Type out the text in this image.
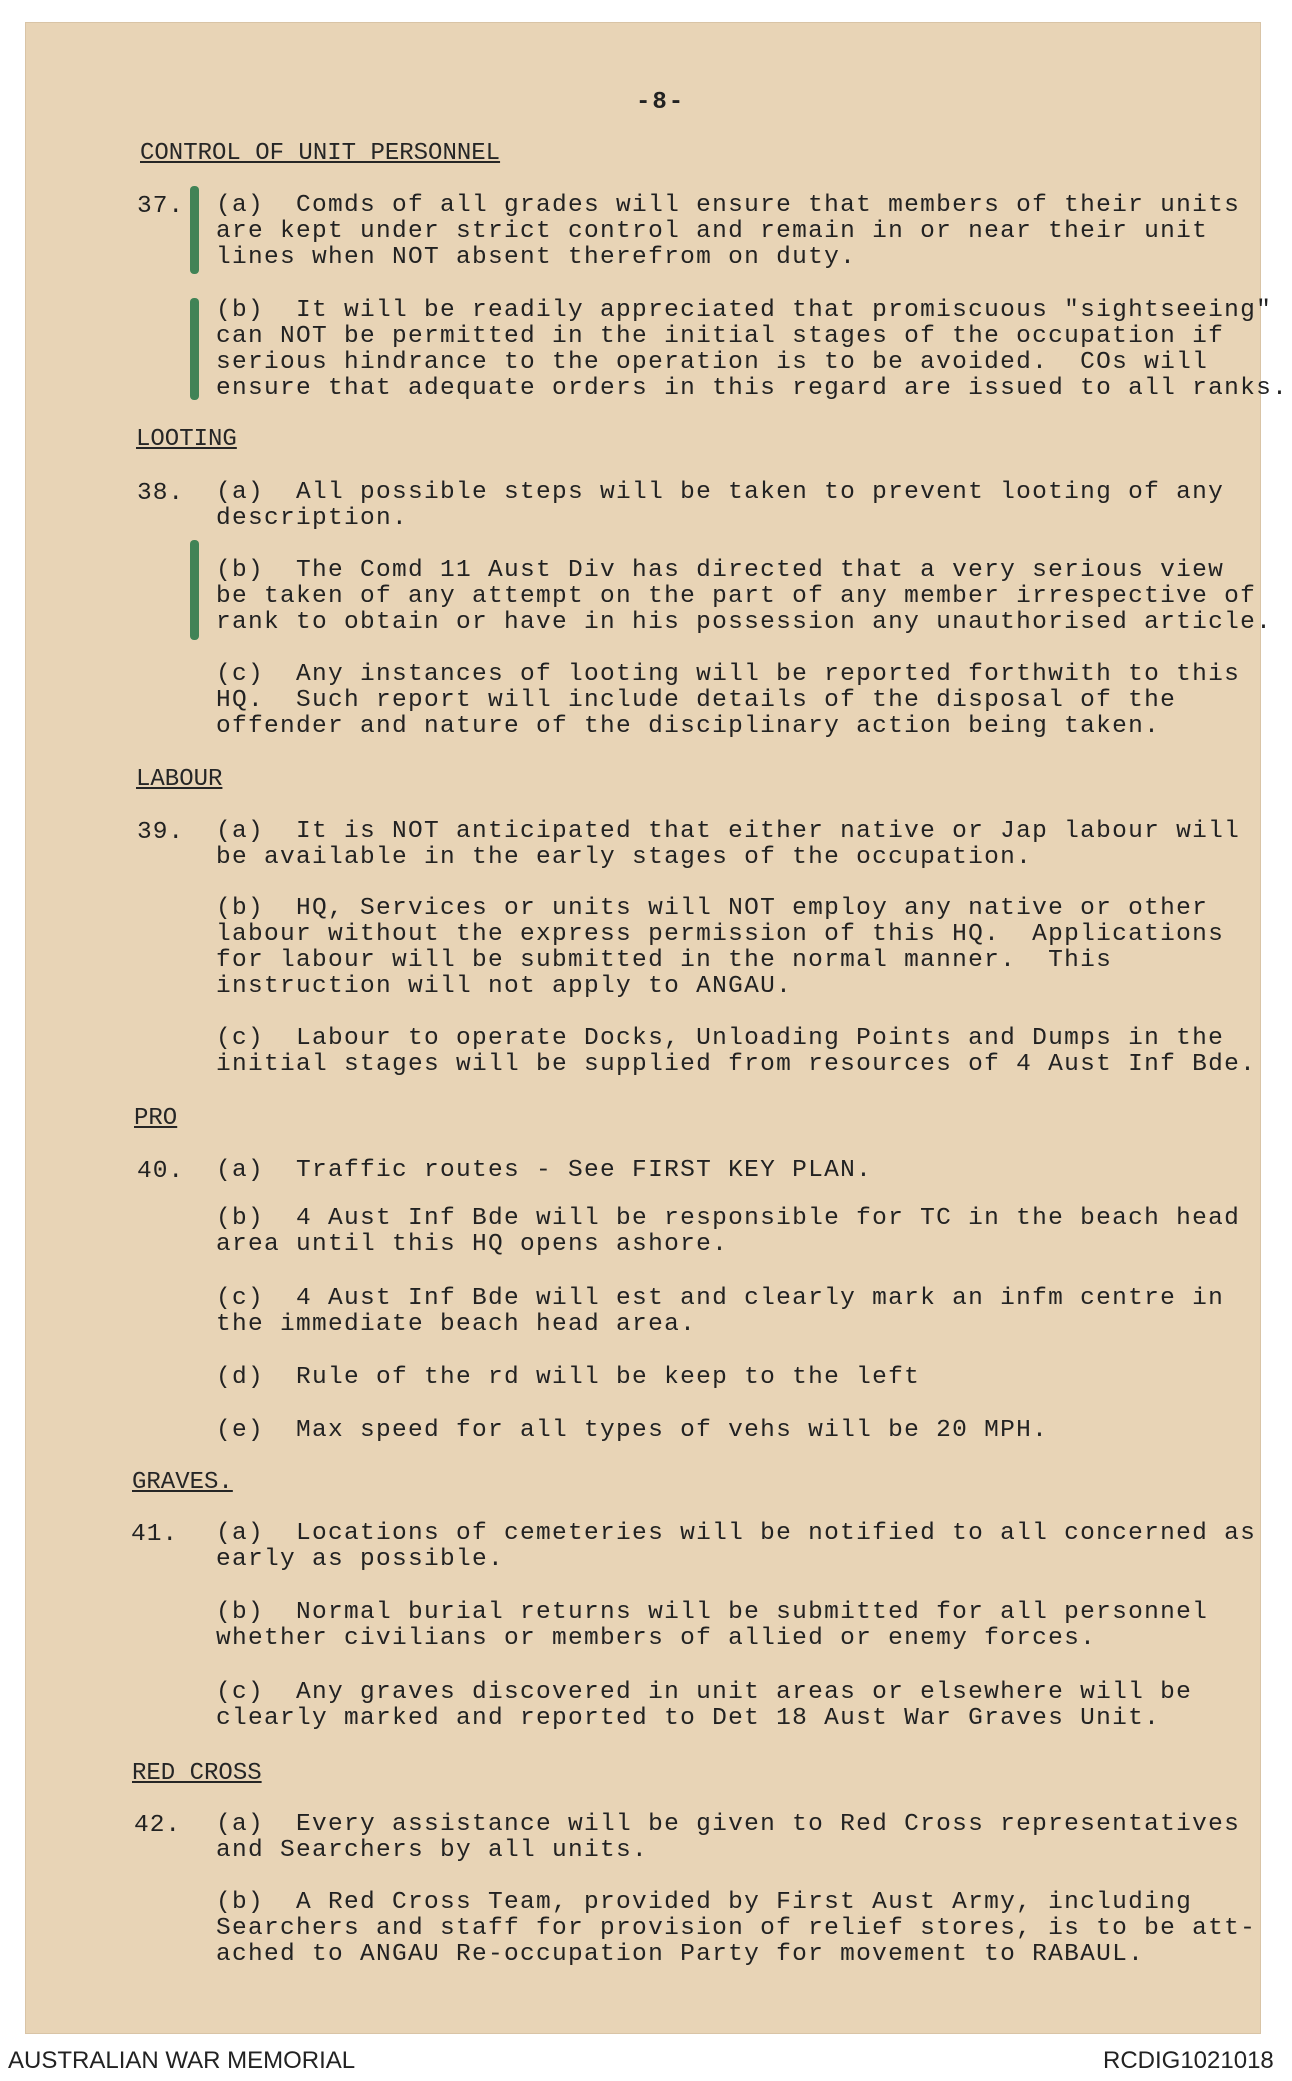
-8-
CONTROL OF UNIT PERSONNEL
37. (a)  Comds of all grades will ensure that members of their units
are kept under strict control and remain in or near their unit
lines when NOT absent therefrom on duty.
(b)  It will be readily appreciated that promiscuous "sightseeing"
can NOT be permitted in the initial stages of the occupation if
serious hindrance to the operation is to be avoided.  COs will
ensure that adequate orders in this regard are issued to all ranks.
LOOTING
38. (a)  All possible steps will be taken to prevent looting of any
description.
(b)  The Comd 11 Aust Div has directed that a very serious view
be taken of any attempt on the part of any member irrespective of
rank to obtain or have in his possession any unauthorised article.
(c)  Any instances of looting will be reported forthwith to this
HQ.  Such report will include details of the disposal of the
offender and nature of the disciplinary action being taken.
LABOUR
39. (a)  It is NOT anticipated that either native or Jap labour will
be available in the early stages of the occupation.
(b)  HQ, Services or units will NOT employ any native or other
labour without the express permission of this HQ.  Applications
for labour will be submitted in the normal manner.  This
instruction will not apply to ANGAU.
(c)  Labour to operate Docks, Unloading Points and Dumps in the
initial stages will be supplied from resources of 4 Aust Inf Bde.
PRO
40. (a)  Traffic routes - See FIRST KEY PLAN.
(b)  4 Aust Inf Bde will be responsible for TC in the beach head
area until this HQ opens ashore.
(c)  4 Aust Inf Bde will est and clearly mark an infm centre in
the immediate beach head area.
(d)  Rule of the rd will be keep to the left
(e)  Max speed for all types of vehs will be 20 MPH.
GRAVES.
41. (a)  Locations of cemeteries will be notified to all concerned as
early as possible.
(b)  Normal burial returns will be submitted for all personnel
whether civilians or members of allied or enemy forces.
(c)  Any graves discovered in unit areas or elsewhere will be
clearly marked and reported to Det 18 Aust War Graves Unit.
RED CROSS
42. (a)  Every assistance will be given to Red Cross representatives
and Searchers by all units.
(b)  A Red Cross Team, provided by First Aust Army, including
Searchers and staff for provision of relief stores, is to be att-
ached to ANGAU Re-occupation Party for movement to RABAUL.
AUSTRALIAN WAR MEMORIAL	RCDIG1021018
